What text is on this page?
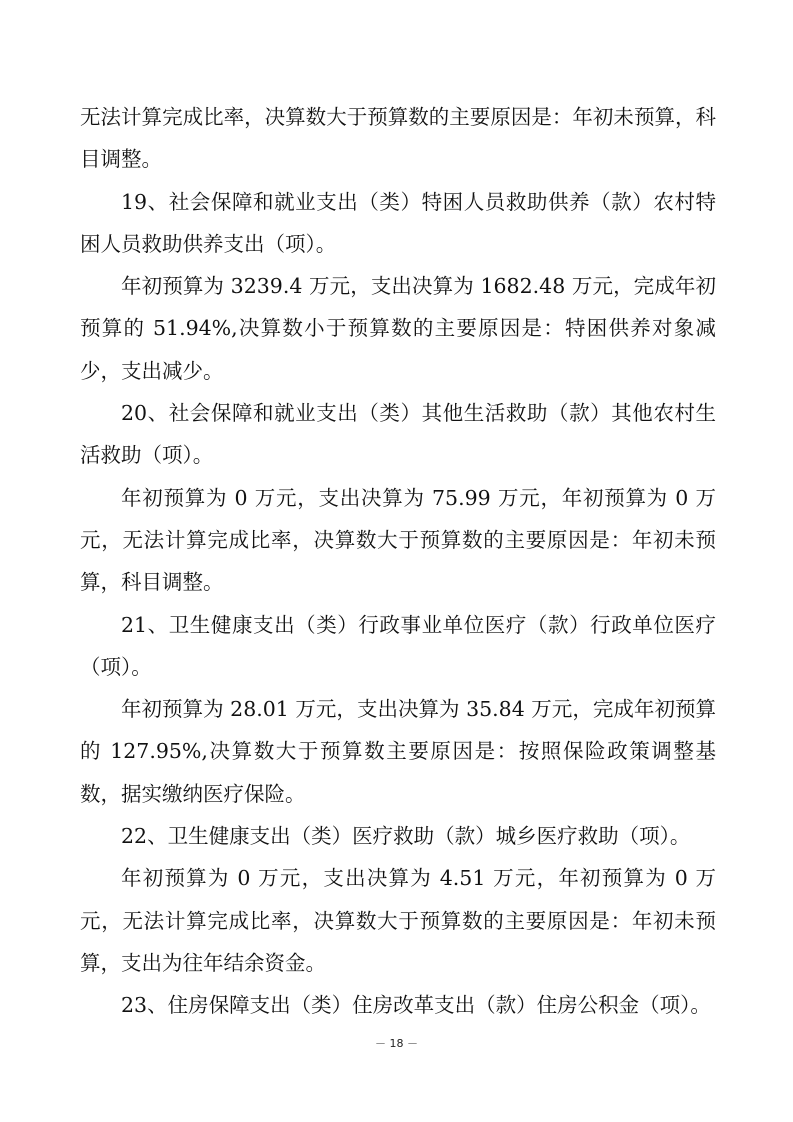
无法计算完成比率，决算数大于预算数的主要原因是：年初未预算，科目调整。

19、社会保障和就业支出（类）特困人员救助供养（款）农村特困人员救助供养支出（项）。

年初预算为 3239.4 万元，支出决算为 1682.48 万元，完成年初预算的 51.94%,决算数小于预算数的主要原因是：特困供养对象减少，支出减少。

20、社会保障和就业支出（类）其他生活救助（款）其他农村生活救助（项）。

年初预算为 0 万元，支出决算为 75.99 万元，年初预算为 0 万元，无法计算完成比率，决算数大于预算数的主要原因是：年初未预算，科目调整。

21、卫生健康支出（类）行政事业单位医疗（款）行政单位医疗（项）。

年初预算为 28.01 万元，支出决算为 35.84 万元，完成年初预算的 127.95%,决算数大于预算数主要原因是：按照保险政策调整基数，据实缴纳医疗保险。

22、卫生健康支出（类）医疗救助（款）城乡医疗救助（项）。

年初预算为 0 万元，支出决算为 4.51 万元，年初预算为 0 万元，无法计算完成比率，决算数大于预算数的主要原因是：年初未预算，支出为往年结余资金。

23、住房保障支出（类）住房改革支出（款）住房公积金（项）。

－ 18 －
